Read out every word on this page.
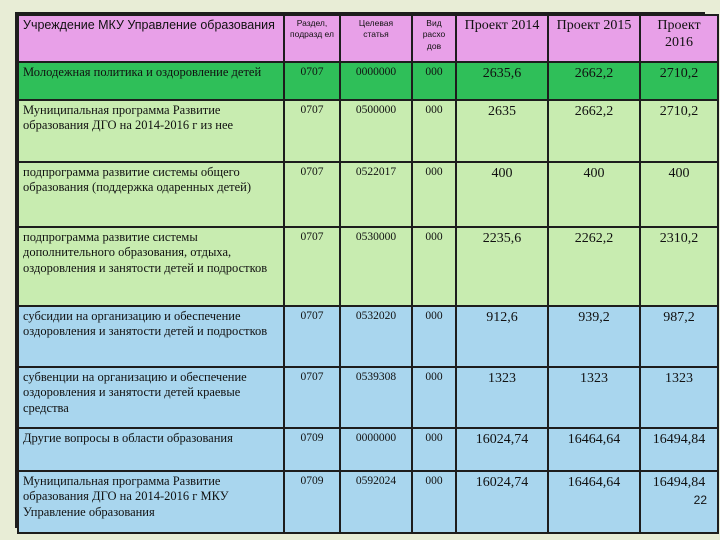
Учреждение МКУ Управление образования	Раздел, подразд ел	Целевая статья	Вид расхо дов	Проект 2014	Проект 2015	Проект 2016
Молодежная политика и оздоровление детей	0707	0000000	000	2635,6	2662,2	2710,2
Муниципальная программа Развитие образования ДГО на 2014-2016 г из нее	0707	0500000	000	2635	2662,2	2710,2
подпрограмма развитие системы общего образования (поддержка одаренных детей)	0707	0522017	000	400	400	400
подпрограмма развитие системы дополнительного образования, отдыха, оздоровления и занятости детей и подростков	0707	0530000	000	2235,6	2262,2	2310,2
субсидии на организацию и обеспечение оздоровления и занятости детей и подростков	0707	0532020	000	912,6	939,2	987,2
субвенции на организацию и обеспечение оздоровления и занятости детей краевые средства	0707	0539308	000	1323	1323	1323
Другие вопросы в области образования	0709	0000000	000	16024,74	16464,64	16494,84
Муниципальная программа Развитие образования ДГО на 2014-2016 г МКУ Управление образования	0709	0592024	000	16024,74	16464,64	16494,84
22
